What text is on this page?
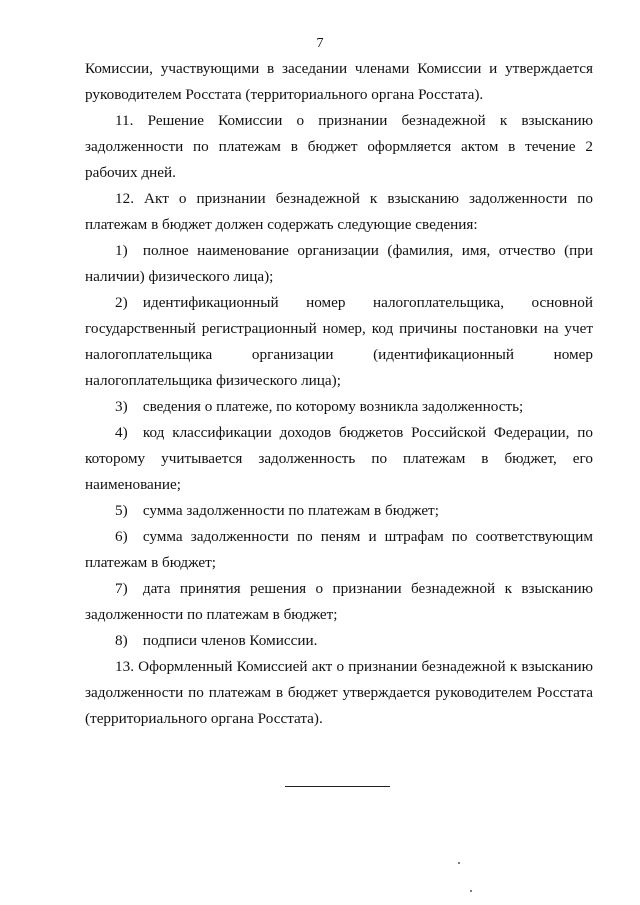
7

Комиссии, участвующими в заседании членами Комиссии и утверждается руководителем Росстата (территориального органа Росстата).

11. Решение Комиссии о признании безнадежной к взысканию задолженности по платежам в бюджет оформляется актом в течение 2 рабочих дней.

12. Акт о признании безнадежной к взысканию задолженности по платежам в бюджет должен содержать следующие сведения:

1) полное наименование организации (фамилия, имя, отчество (при наличии) физического лица);

2) идентификационный номер налогоплательщика, основной государственный регистрационный номер, код причины постановки на учет налогоплательщика организации (идентификационный номер налогоплательщика физического лица);

3) сведения о платеже, по которому возникла задолженность;

4) код классификации доходов бюджетов Российской Федерации, по которому учитывается задолженность по платежам в бюджет, его наименование;

5) сумма задолженности по платежам в бюджет;

6) сумма задолженности по пеням и штрафам по соответствующим платежам в бюджет;

7) дата принятия решения о признании безнадежной к взысканию задолженности по платежам в бюджет;

8) подписи членов Комиссии.

13. Оформленный Комиссией акт о признании безнадежной к взысканию задолженности по платежам в бюджет утверждается руководителем Росстата (территориального органа Росстата).
